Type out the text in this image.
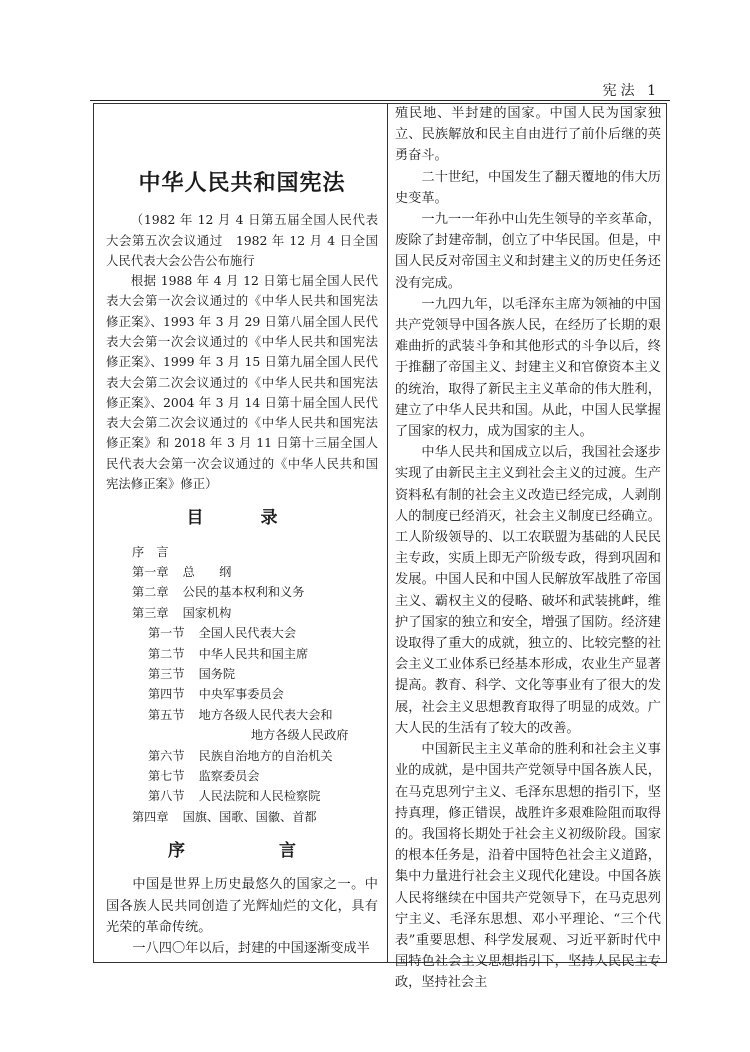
宪法 1
中华人民共和国宪法

（1982 年 12 月 4 日第五届全国人民代表大会第五次会议通过　1982 年 12 月 4 日全国人民代表大会公告公布施行

根据 1988 年 4 月 12 日第七届全国人民代表大会第一次会议通过的《中华人民共和国宪法修正案》、1993 年 3 月 29 日第八届全国人民代表大会第一次会议通过的《中华人民共和国宪法修正案》、1999 年 3 月 15 日第九届全国人民代表大会第二次会议通过的《中华人民共和国宪法修正案》、2004 年 3 月 14 日第十届全国人民代表大会第二次会议通过的《中华人民共和国宪法修正案》和 2018 年 3 月 11 日第十三届全国人民代表大会第一次会议通过的《中华人民共和国宪法修正案》修正）

目　录
序　言
第一章 总　　纲
第二章 公民的基本权利和义务
第三章 国家机构
第一节 全国人民代表大会
第二节 中华人民共和国主席
第三节 国务院
第四节 中央军事委员会
第五节 地方各级人民代表大会和
地方各级人民政府
第六节 民族自治地方的自治机关
第七节 监察委员会
第八节 人民法院和人民检察院
第四章 国旗、国歌、国徽、首都
序　　言

中国是世界上历史最悠久的国家之一。中国各族人民共同创造了光辉灿烂的文化，具有光荣的革命传统。

一八四〇年以后，封建的中国逐渐变成半

殖民地、半封建的国家。中国人民为国家独立、民族解放和民主自由进行了前仆后继的英勇奋斗。

二十世纪，中国发生了翻天覆地的伟大历史变革。

一九一一年孙中山先生领导的辛亥革命，废除了封建帝制，创立了中华民国。但是，中国人民反对帝国主义和封建主义的历史任务还没有完成。

一九四九年，以毛泽东主席为领袖的中国共产党领导中国各族人民，在经历了长期的艰难曲折的武装斗争和其他形式的斗争以后，终于推翻了帝国主义、封建主义和官僚资本主义的统治，取得了新民主主义革命的伟大胜利，建立了中华人民共和国。从此，中国人民掌握了国家的权力，成为国家的主人。

中华人民共和国成立以后，我国社会逐步实现了由新民主主义到社会主义的过渡。生产资料私有制的社会主义改造已经完成，人剥削人的制度已经消灭，社会主义制度已经确立。工人阶级领导的、以工农联盟为基础的人民民主专政，实质上即无产阶级专政，得到巩固和发展。中国人民和中国人民解放军战胜了帝国主义、霸权主义的侵略、破坏和武装挑衅，维护了国家的独立和安全，增强了国防。经济建设取得了重大的成就，独立的、比较完整的社会主义工业体系已经基本形成，农业生产显著提高。教育、科学、文化等事业有了很大的发展，社会主义思想教育取得了明显的成效。广大人民的生活有了较大的改善。

中国新民主主义革命的胜利和社会主义事业的成就，是中国共产党领导中国各族人民，在马克思列宁主义、毛泽东思想的指引下，坚持真理，修正错误，战胜许多艰难险阻而取得的。我国将长期处于社会主义初级阶段。国家的根本任务是，沿着中国特色社会主义道路，集中力量进行社会主义现代化建设。中国各族人民将继续在中国共产党领导下，在马克思列宁主义、毛泽东思想、邓小平理论、“三个代表”重要思想、科学发展观、习近平新时代中国特色社会主义思想指引下，坚持人民民主专政，坚持社会主
